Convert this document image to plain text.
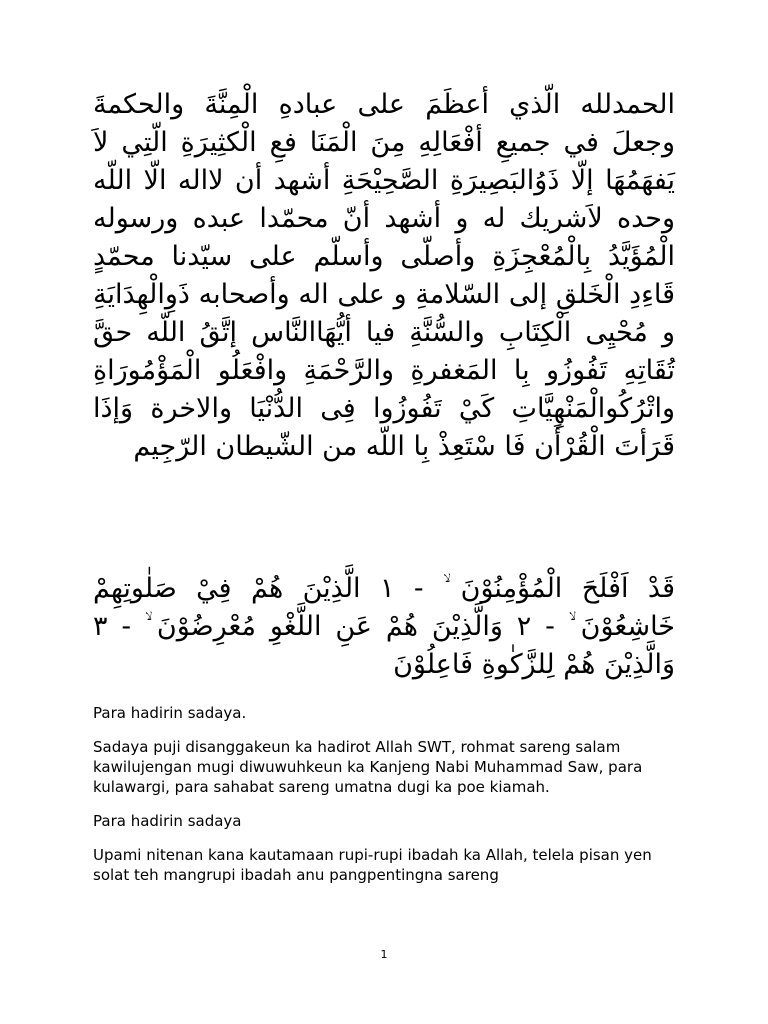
الحمدلله الّذي أعظَمَ على عبادهِ الْمِنَّةَ والحكمةَ وجعلَ في جميعِ أفْعَالِهِ مِنَ الْمَنَا فعِ الْكثِيرَةِ الّتِي لاَ يَفهَمُهَا إلّا ذَوُالبَصِيرَةِ الصَّحِيْحَةِ أشهد أن لااله الّا اللّه وحده لاَشريك له و أشهد أنّ محمّدا عبده ورسوله الْمُؤَيَّدُ بِالْمُعْجِزَةِ وأصلّى وأسلّم على سيّدنا محمّدٍ قَاءِدِ الْخَلقِ إلى السّلامةِ و على اله وأصحابه ذَوِالْهِدَايَةِ و مُحْيِى الْكِتَابِ والسُّنَّةِ فيا أيُّهَاالنَّاس إتَّقُ اللّه حقَّ تُقَاتِهِ تَفُوزُو بِا المَغفرةِ والرَّحْمَةِ وافْعَلُو الْمَؤْمُورَاةِ واتْرُكُوالْمَنْهِيَّاتِ كَيْ تَفُوزُوا فِى الدُّنْيَا والاخرة وَإذَا قَرَأتَ الْقُرْأَن فَا سْتَعِذْ بِا اللّه من الشّيطان الرّجِيم

قَدْ اَفْلَحَ الْمُؤْمِنُوْنَ ۙ - ١ الَّذِيْنَ هُمْ فِيْ صَلٰوتِهِمْ خَاشِعُوْنَ ۙ - ٢ وَالَّذِيْنَ هُمْ عَنِ اللَّغْوِ مُعْرِضُوْنَ ۙ - ٣ وَالَّذِيْنَ هُمْ لِلزَّكٰوةِ فَاعِلُوْنَ

Para hadirin sadaya.

Sadaya puji disanggakeun ka hadirot Allah SWT, rohmat sareng salam kawilujengan mugi diwuwuhkeun ka Kanjeng Nabi Muhammad Saw, para kulawargi, para sahabat sareng umatna dugi ka poe kiamah.

Para hadirin sadaya

Upami nitenan kana kautamaan rupi-rupi ibadah ka Allah, telela pisan yen solat teh mangrupi ibadah anu pangpentingna sareng

1
